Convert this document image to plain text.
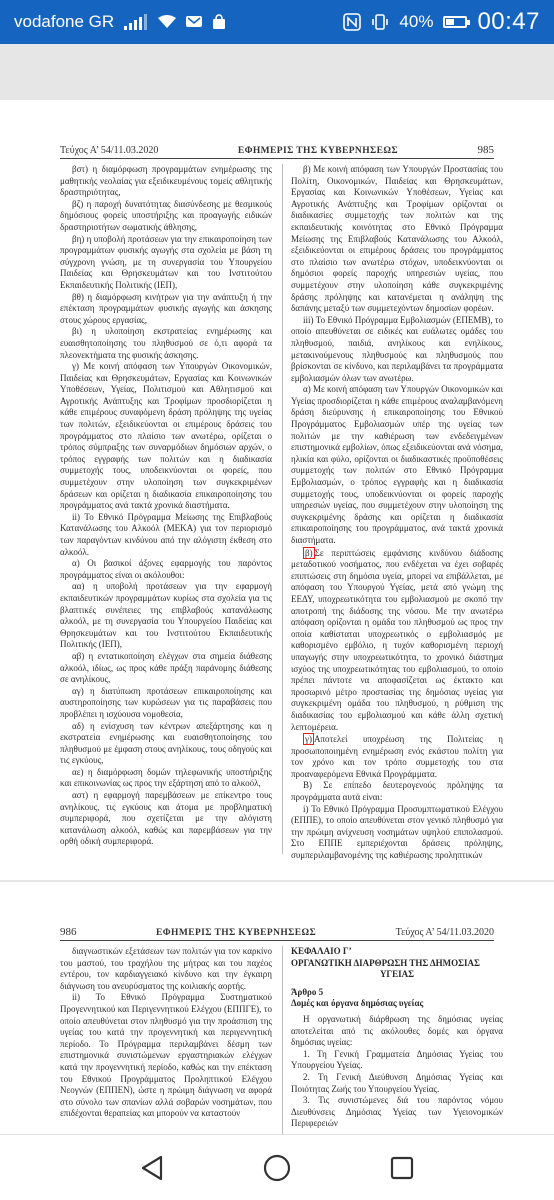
vodafone GR	40% 00:47
Τεύχος Α’ 54/11.03.2020	ΕΦΗΜΕΡΙΣ ΤΗΣ ΚΥΒΕΡΝΗΣΕΩΣ	985

βστ) η διαμόρφωση προγραμμάτων ενημέρωσης της μαθητικής νεολαίας για εξειδικευμένους τομείς αθλητικής δραστηριότητας,

βζ) η παροχή δυνατότητας διασύνδεσης με θεσμικούς δημόσιους φορείς υποστήριξης και προαγωγής ειδικών δραστηριοτήτων σωματικής άθλησης,

βη) η υποβολή προτάσεων για την επικαιροποίηση των προγραμμάτων φυσικής αγωγής στα σχολεία με βάση τη σύγχρονη γνώση, με τη συνεργασία του Υπουργείου Παιδείας και Θρησκευμάτων και του Ινστιτούτου Εκπαιδευτικής Πολιτικής (ΙΕΠ),

βθ) η διαμόρφωση κινήτρων για την ανάπτυξη ή την επέκταση προγραμμάτων φυσικής αγωγής και άσκησης στους χώρους εργασίας,

βι) η υλοποίηση εκστρατείας ενημέρωσης και ευαισθητοποίησης του πληθυσμού σε ό,τι αφορά τα πλεονεκτήματα της φυσικής άσκησης.

γ) Με κοινή απόφαση των Υπουργών Οικονομικών, Παιδείας και Θρησκευμάτων, Εργασίας και Κοινωνικών Υποθέσεων, Υγείας, Πολιτισμού και Αθλητισμού και Αγροτικής Ανάπτυξης και Τροφίμων προσδιορίζεται η κάθε επιμέρους συναφόμενη δράση πρόληψης της υγείας των πολιτών, εξειδικεύονται οι επιμέρους δράσεις του προγράμματος στο πλαίσιο των ανωτέρω, ορίζεται ο τρόπος σύμπραξης των συναρμόδιων δημόσιων αρχών, ο τρόπος εγγραφής των πολιτών και η διαδικασία συμμετοχής τους, υποδεικνύονται οι φορείς, που συμμετέχουν στην υλοποίηση των συγκεκριμένων δράσεων και ορίζεται η διαδικασία επικαιροποίησης του προγράμματος ανά τακτά χρονικά διαστήματα.

ii) Το Εθνικό Πρόγραμμα Μείωσης της Επιβλαβούς Κατανάλωσης του Αλκοόλ (ΜΕΚΑ) για τον περιορισμό των παραγόντων κινδύνου από την αλόγιστη έκθεση στο αλκοόλ.

α) Οι βασικοί άξονες εφαρμογής του παρόντος προγράμματος είναι οι ακόλουθοι:

αα) η υποβολή προτάσεων για την εφαρμογή εκπαιδευτικών προγραμμάτων κυρίως στα σχολεία για τις βλαπτικές συνέπειες της επιβλαβούς κατανάλωσης αλκοόλ, με τη συνεργασία του Υπουργείου Παιδείας και Θρησκευμάτων και του Ινστιτούτου Εκπαιδευτικής Πολιτικής (ΙΕΠ),

αβ) η εντατικοποίηση ελέγχων στα σημεία διάθεσης αλκοόλ, ιδίως, ως προς κάθε πράξη παράνομης διάθεσης σε ανηλίκους,

αγ) η διατύπωση προτάσεων επικαιροποίησης και αυστηροποίησης των κυρώσεων για τις παραβάσεις που προβλέπει η ισχύουσα νομοθεσία,

αδ) η ενίσχυση των κέντρων απεξάρτησης και η εκστρατεία ενημέρωσης και ευαισθητοποίησης του πληθυσμού με έμφαση στους ανηλίκους, τους οδηγούς και τις εγκύους,

αε) η διαμόρφωση δομών τηλεφωνικής υποστήριξης και επικοινωνίας ως προς την εξάρτηση από το αλκοόλ,

αστ) η εφαρμογή παρεμβάσεων με επίκεντρο τους ανηλίκους, τις εγκύους και άτομα με προβληματική συμπεριφορά, που σχετίζεται με την αλόγιστη κατανάλωση αλκοόλ, καθώς και παρεμβάσεων για την ορθή οδική συμπεριφορά.

β) Με κοινή απόφαση των Υπουργών Προστασίας του Πολίτη, Οικονομικών, Παιδείας και Θρησκευμάτων, Εργασίας και Κοινωνικών Υποθέσεων, Υγείας και Αγροτικής Ανάπτυξης και Τροφίμων ορίζονται οι διαδικασίες συμμετοχής των πολιτών και της εκπαιδευτικής κοινότητας στο Εθνικό Πρόγραμμα Μείωσης της Επιβλαβούς Κατανάλωσης του Αλκοόλ, εξειδικεύονται οι επιμέρους δράσεις του προγράμματος στο πλαίσιο των ανωτέρω στόχων, υποδεικνύονται οι δημόσιοι φορείς παροχής υπηρεσιών υγείας, που συμμετέχουν στην υλοποίηση κάθε συγκεκριμένης δράσης πρόληψης και κατανέμεται η ανάληψη της δαπάνης μεταξύ των συμμετεχόντων δημοσίων φορέων.

iii) Το Εθνικό Πρόγραμμα Εμβολιασμών (ΕΠΕΜΒ), το οποίο απευθύνεται σε ειδικές και ευάλωτες ομάδες του πληθυσμού, παιδιά, ανηλίκους και ενηλίκους, μετακινούμενους πληθυσμούς και πληθυσμούς που βρίσκονται σε κίνδυνο, και περιλαμβάνει τα προγράμματα εμβολιασμών όλων των ανωτέρω.

α) Με κοινή απόφαση των Υπουργών Οικονομικών και Υγείας προσδιορίζεται η κάθε επιμέρους αναλαμβανόμενη δράση διεύρυνσης ή επικαιροποίησης του Εθνικού Προγράμματος Εμβολιασμών υπέρ της υγείας των πολιτών με την καθιέρωση των ενδεδειγμένων επιστημονικά εμβολίων, όπως εξειδικεύονται ανά νόσημα, ηλικία και φύλο, ορίζονται οι διαδικαστικές προϋποθέσεις συμμετοχής των πολιτών στο Εθνικό Πρόγραμμα Εμβολιασμών, ο τρόπος εγγραφής και η διαδικασία συμμετοχής τους, υποδεικνύονται οι φορείς παροχής υπηρεσιών υγείας, που συμμετέχουν στην υλοποίηση της συγκεκριμένης δράσης και ορίζεται η διαδικασία επικαιροποίησης του προγράμματος, ανά τακτά χρονικά διαστήματα.

β) Σε περιπτώσεις εμφάνισης κινδύνου διάδοσης μεταδοτικού νοσήματος, που ενδέχεται να έχει σοβαρές επιπτώσεις στη δημόσια υγεία, μπορεί να επιβάλλεται, με απόφαση του Υπουργού Υγείας, μετά από γνώμη της ΕΕΔΥ, υποχρεωτικότητα του εμβολιασμού με σκοπό την αποτροπή της διάδοσης της νόσου. Με την ανωτέρω απόφαση ορίζονται η ομάδα του πληθυσμού ως προς την οποία καθίσταται υποχρεωτικός ο εμβολιασμός με καθορισμένο εμβόλιο, η τυχόν καθορισμένη περιοχή υπαγωγής στην υποχρεωτικότητα, το χρονικό διάστημα ισχύος της υποχρεωτικότητας του εμβολιασμού, το οποίο πρέπει πάντοτε να αποφασίζεται ως έκτακτο και προσωρινό μέτρο προστασίας της δημόσιας υγείας για συγκεκριμένη ομάδα του πληθυσμού, η ρύθμιση της διαδικασίας του εμβολιασμού και κάθε άλλη σχετική λεπτομέρεια.

γ) Αποτελεί υποχρέωση της Πολιτείας η προσωποποιημένη ενημέρωση ενός εκάστου πολίτη για τον χρόνο και τον τρόπο συμμετοχής του στα προαναφερόμενα Εθνικά Προγράμματα.

Β) Σε επίπεδο δευτερογενούς πρόληψης τα προγράμματα αυτά είναι:

i) Το Εθνικό Πρόγραμμα Προσυμπτωματικού Ελέγχου (ΕΠΠΕ), το οποίο απευθύνεται στον γενικό πληθυσμό για την πρώιμη ανίχνευση νοσημάτων υψηλού επιπολασμού. Στο ΕΠΠΕ εμπεριέχονται δράσεις πρόληψης, συμπεριλαμβανομένης της καθιέρωσης προληπτικών

986	ΕΦΗΜΕΡΙΣ ΤΗΣ ΚΥΒΕΡΝΗΣΕΩΣ	Τεύχος Α’ 54/11.03.2020

διαγνωστικών εξετάσεων των πολιτών για τον καρκίνο του μαστού, του τραχήλου της μήτρας και του παχέος εντέρου, τον καρδιαγγειακό κίνδυνο και την έγκαιρη διάγνωση του ανευρύσματος της κοιλιακής αορτής.

ii) Το Εθνικό Πρόγραμμα Συστηματικού Προγεννητικού και Περιγεννητικού Ελέγχου (ΕΠΠΓΕ), το οποίο απευθύνεται στον πληθυσμό για την προάσπιση της υγείας του κατά την προγεννητική και περιγεννητική περίοδο. Το Πρόγραμμα περιλαμβάνει δέσμη των επιστημονικά συνιστώμενων εργαστηριακών ελέγχων κατά την προγεννητική περίοδο, καθώς και την επέκταση του Εθνικού Προγράμματος Προληπτικού Ελέγχου Νεογνών (ΕΠΠΕΝ), ώστε η πρώιμη διάγνωση να αφορά στο σύνολο των σπανίων αλλά σοβαρών νοσημάτων, που επιδέχονται θεραπείας και μπορούν να καταστούν

ΚΕΦΑΛΑΙΟ Γ’

ΟΡΓΑΝΩΤΙΚΗ ΔΙΑΡΘΡΩΣΗ ΤΗΣ ΔΗΜΟΣΙΑΣ

ΥΓΕΙΑΣ

Άρθρο 5

Δομές και όργανα δημόσιας υγείας

Η οργανωτική διάρθρωση της δημόσιας υγείας αποτελείται από τις ακόλουθες δομές και όργανα δημόσιας υγείας:

1. Τη Γενική Γραμματεία Δημόσιας Υγείας του Υπουργείου Υγείας.

2. Τη Γενική Διεύθυνση Δημόσιας Υγείας και Ποιότητας Ζωής του Υπουργείου Υγείας.

3. Τις συνιστώμενες διά του παρόντος νόμου Διευθύνσεις Δημόσιας Υγείας των Υγειονομικών Περιφερειών
